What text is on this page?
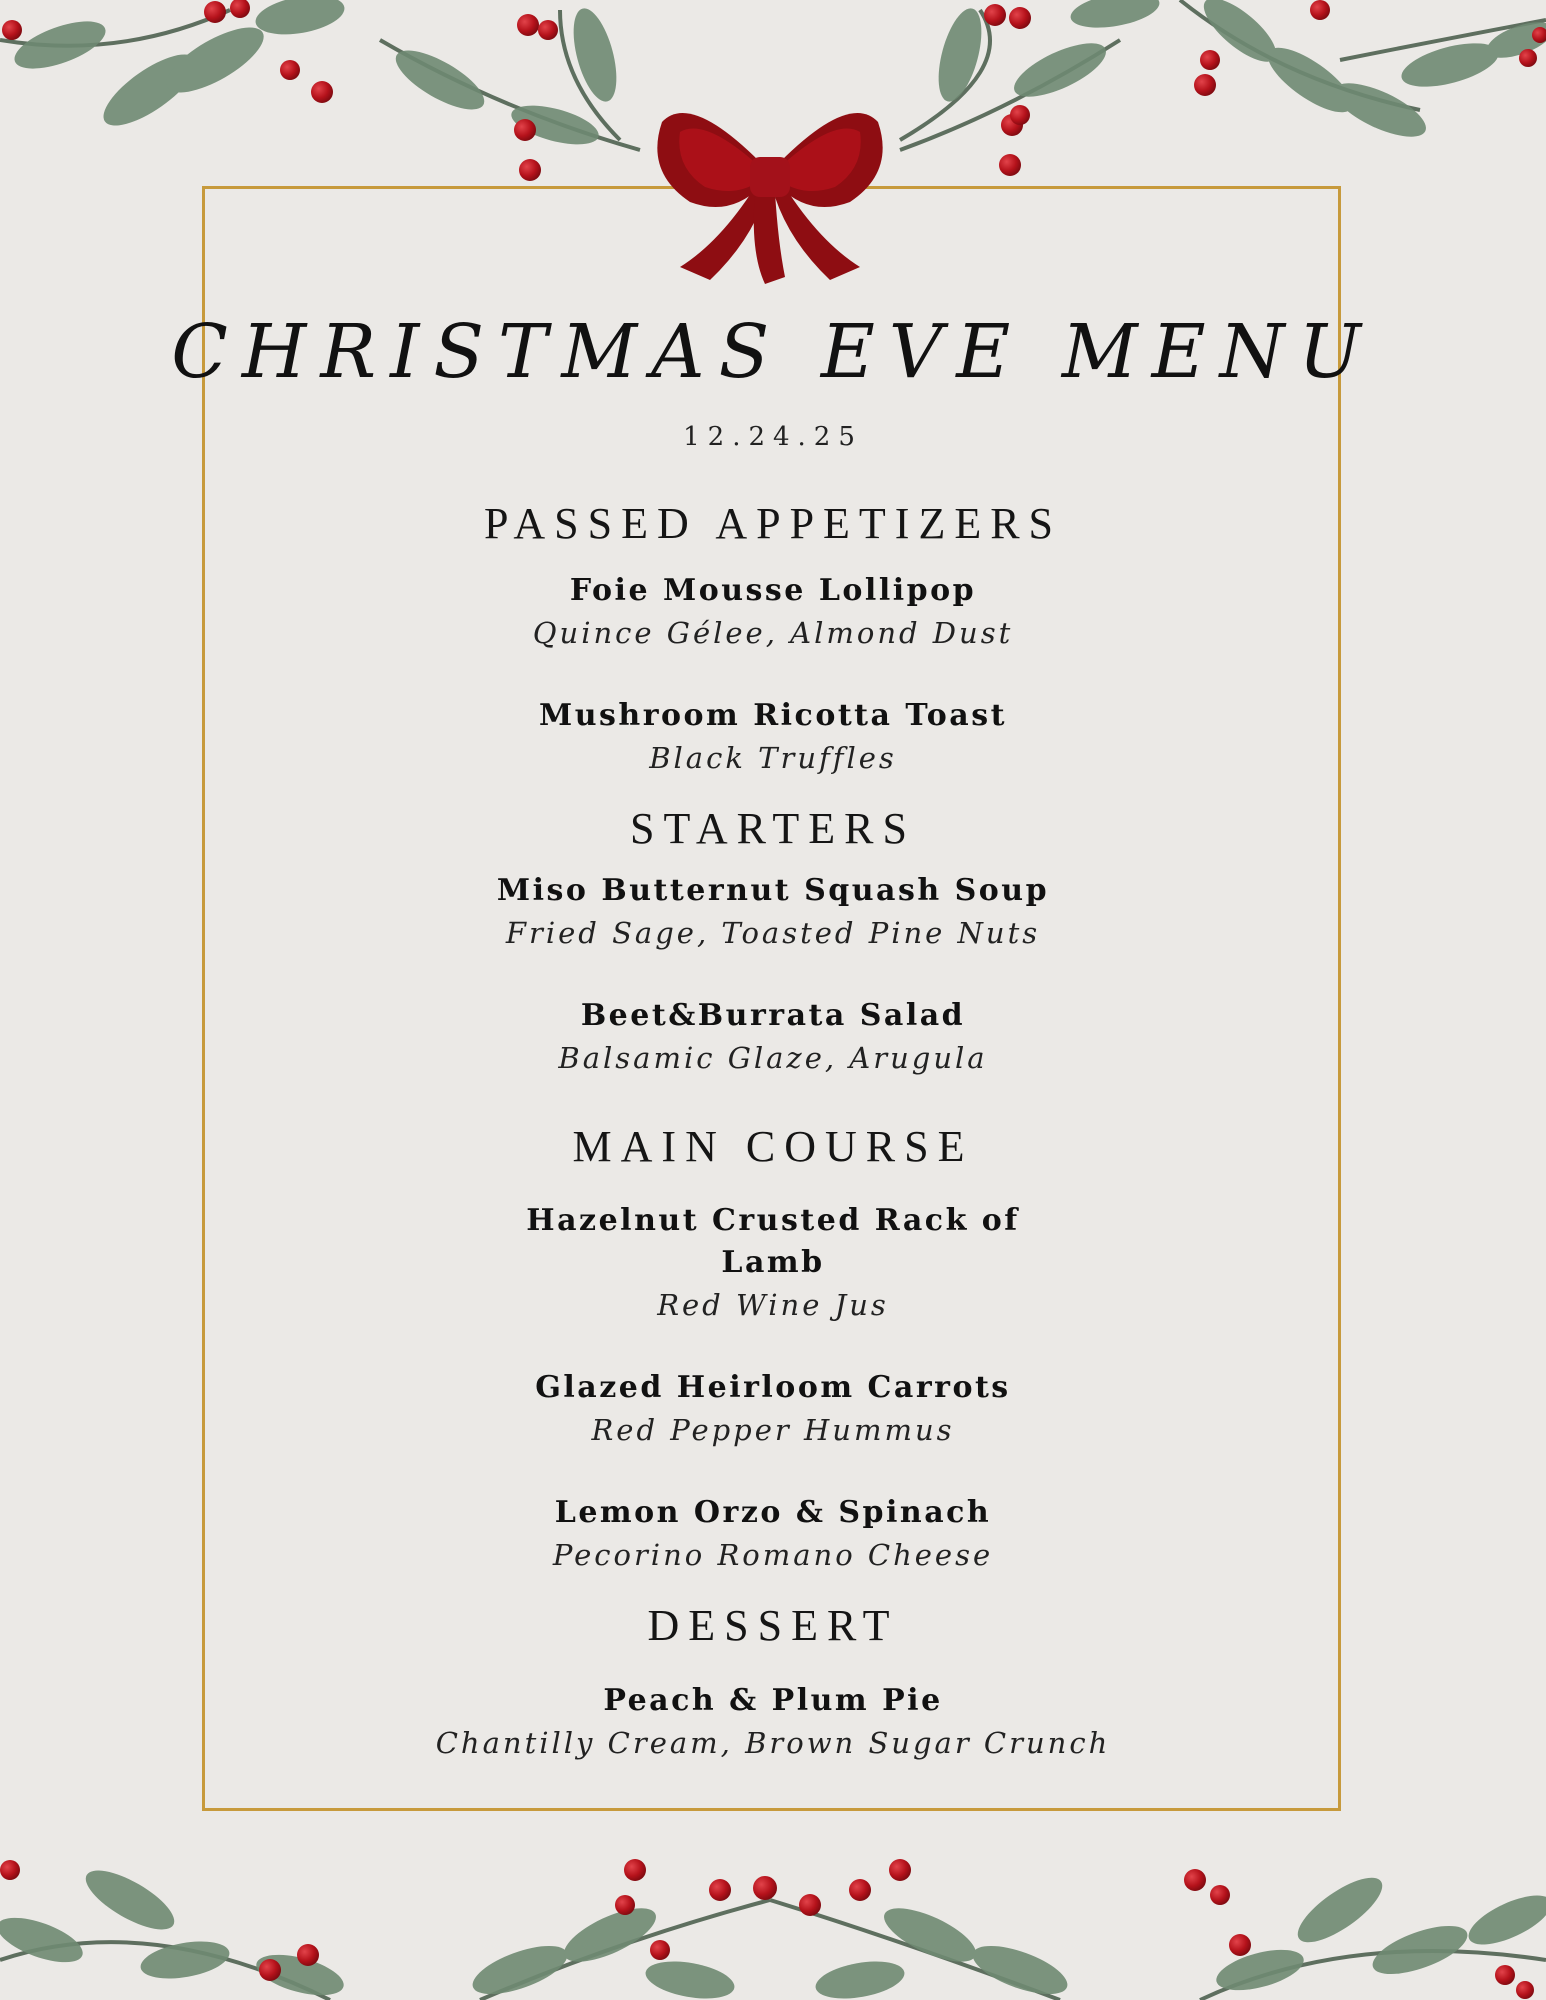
CHRISTMAS EVE MENU
12.24.25
PASSED APPETIZERS
Foie Mousse Lollipop
Quince Gélee, Almond Dust
Mushroom Ricotta Toast
Black Truffles
STARTERS
Miso Butternut Squash Soup
Fried Sage, Toasted Pine Nuts
Beet&Burrata Salad
Balsamic Glaze, Arugula
MAIN COURSE
Hazelnut Crusted Rack of Lamb
Red Wine Jus
Glazed Heirloom Carrots
Red Pepper Hummus
Lemon Orzo & Spinach
Pecorino Romano Cheese
DESSERT
Peach & Plum Pie
Chantilly Cream, Brown Sugar Crunch
